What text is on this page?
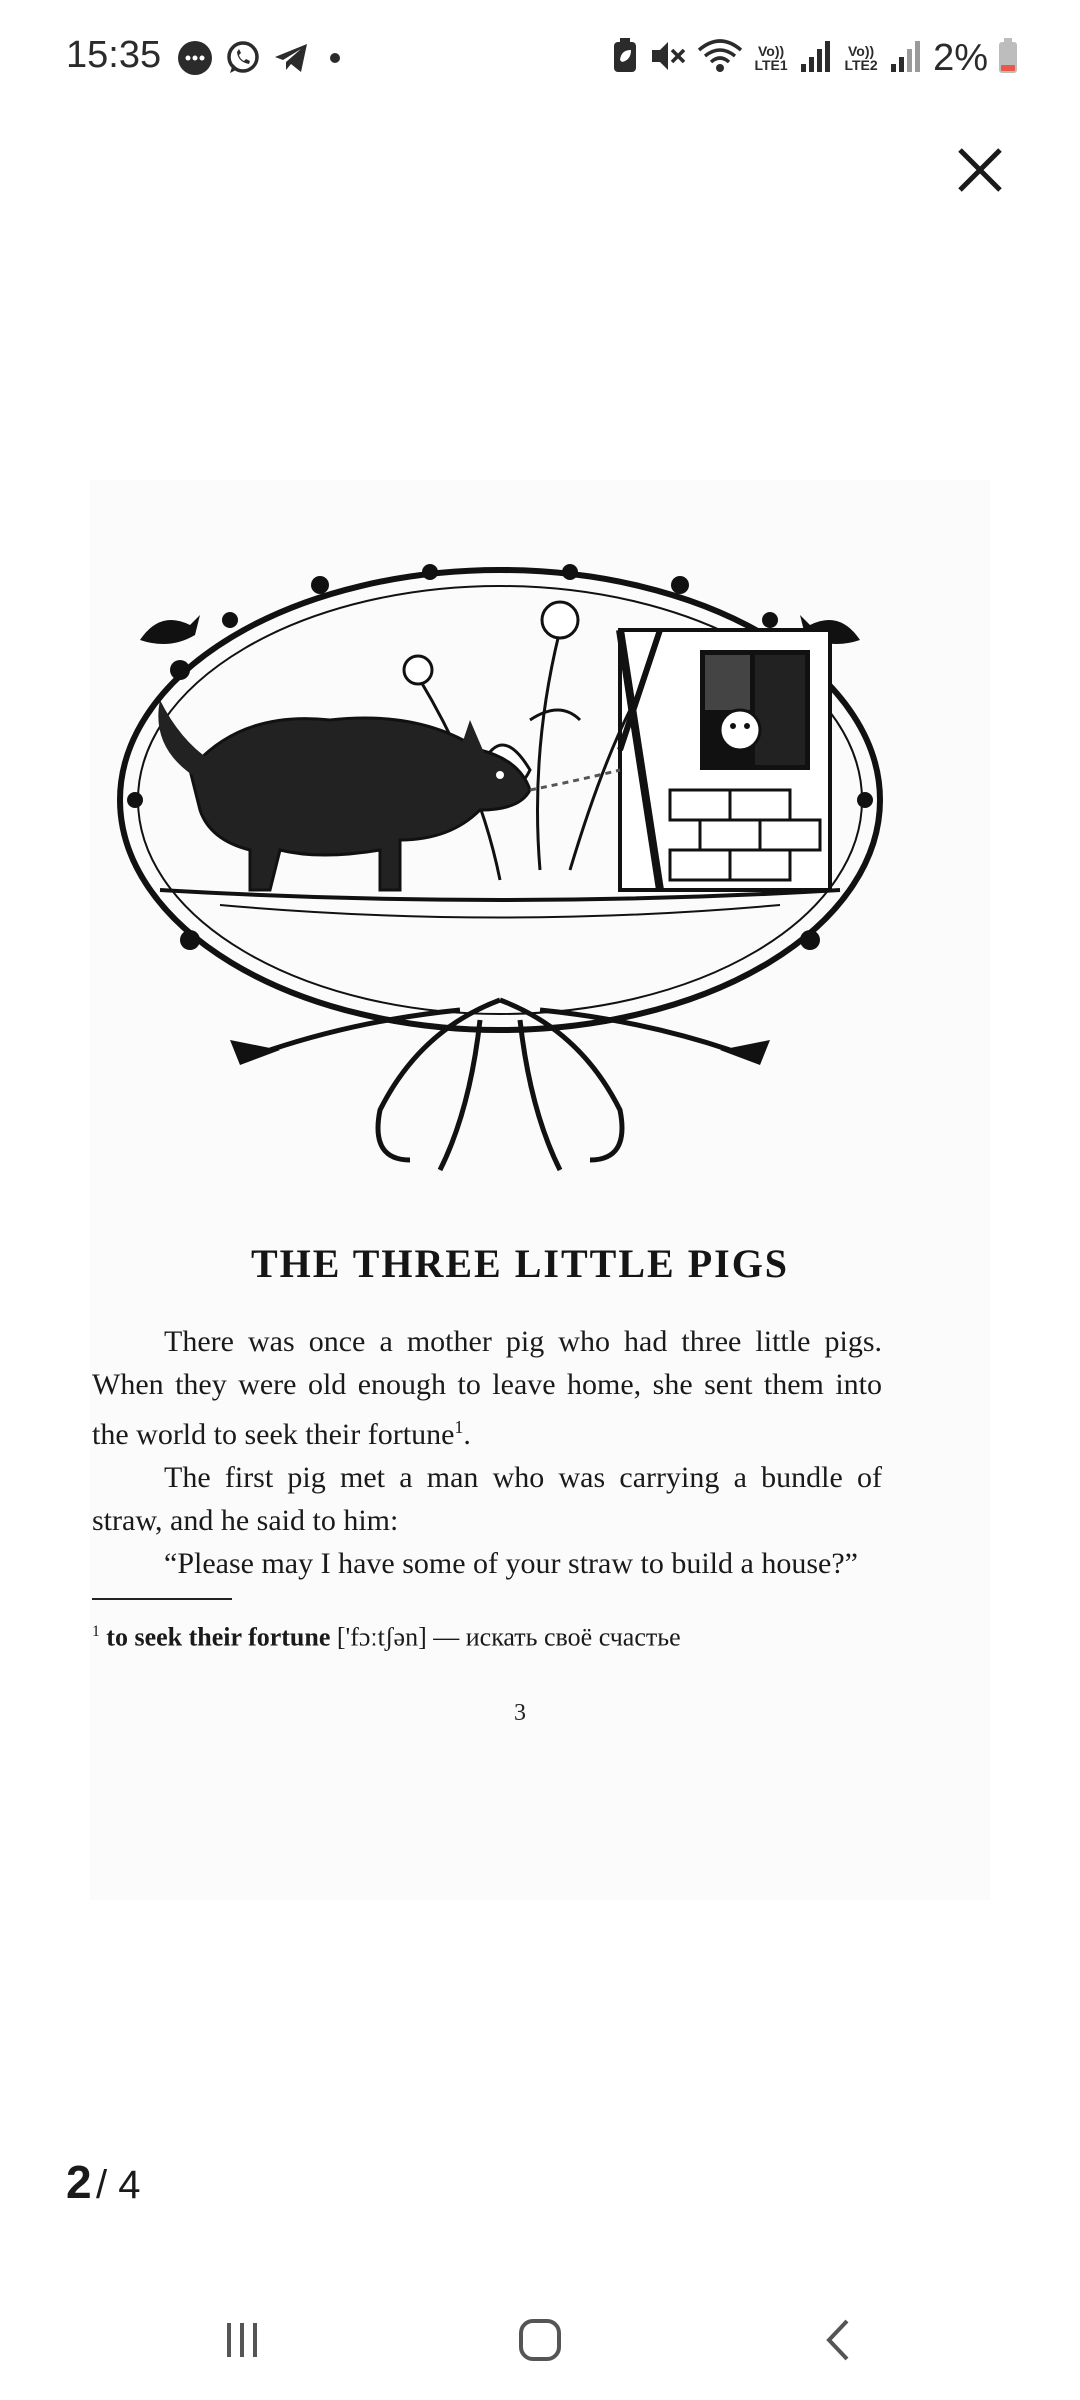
15:35	Vo)) LTE1
Vo)) LTE2 2%
THE THREE LITTLE PIGS

There was once a mother pig who had three little pigs. When they were old enough to leave home, she sent them into the world to seek their fortune$^1$.

The first pig met a man who was carrying a bundle of straw, and he said to him:

“Please may I have some of your straw to build a house?”

$^1$ to seek their fortune ['fɔːtʃən] — искать своё счастье
3
2 / 4
